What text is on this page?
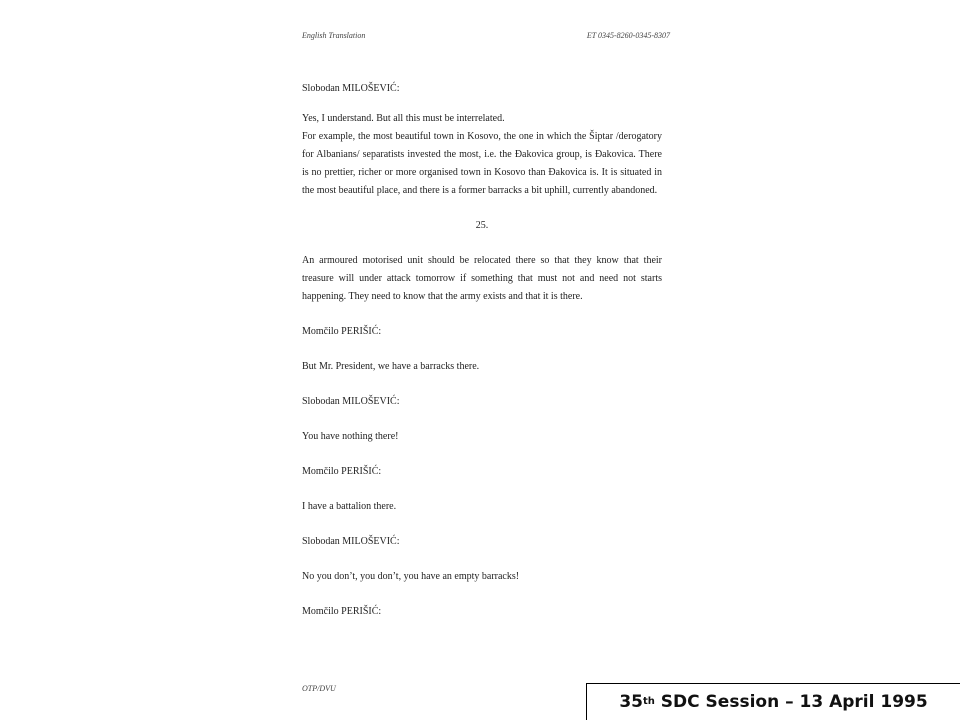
English Translation	ET 0345-8260-0345-8307

Slobodan MILOŠEVIĆ:

Yes, I understand. But all this must be interrelated.

For example, the most beautiful town in Kosovo, the one in which the Šiptar /derogatory for Albanians/ separatists invested the most, i.e. the Đakovica group, is Đakovica. There is no prettier, richer or more organised town in Kosovo than Đakovica is. It is situated in the most beautiful place, and there is a former barracks a bit uphill, currently abandoned.

25.

An armoured motorised unit should be relocated there so that they know that their treasure will under attack tomorrow if something that must not and need not starts happening. They need to know that the army exists and that it is there.

Momčilo PERIŠIĆ:

But Mr. President, we have a barracks there.

Slobodan MILOŠEVIĆ:

You have nothing there!

Momčilo PERIŠIĆ:

I have a battalion there.

Slobodan MILOŠEVIĆ:

No you don’t, you don’t, you have an empty barracks!

Momčilo PERIŠIĆ:

OTP/DVU
35 th SDC Session – 13 April 1995
